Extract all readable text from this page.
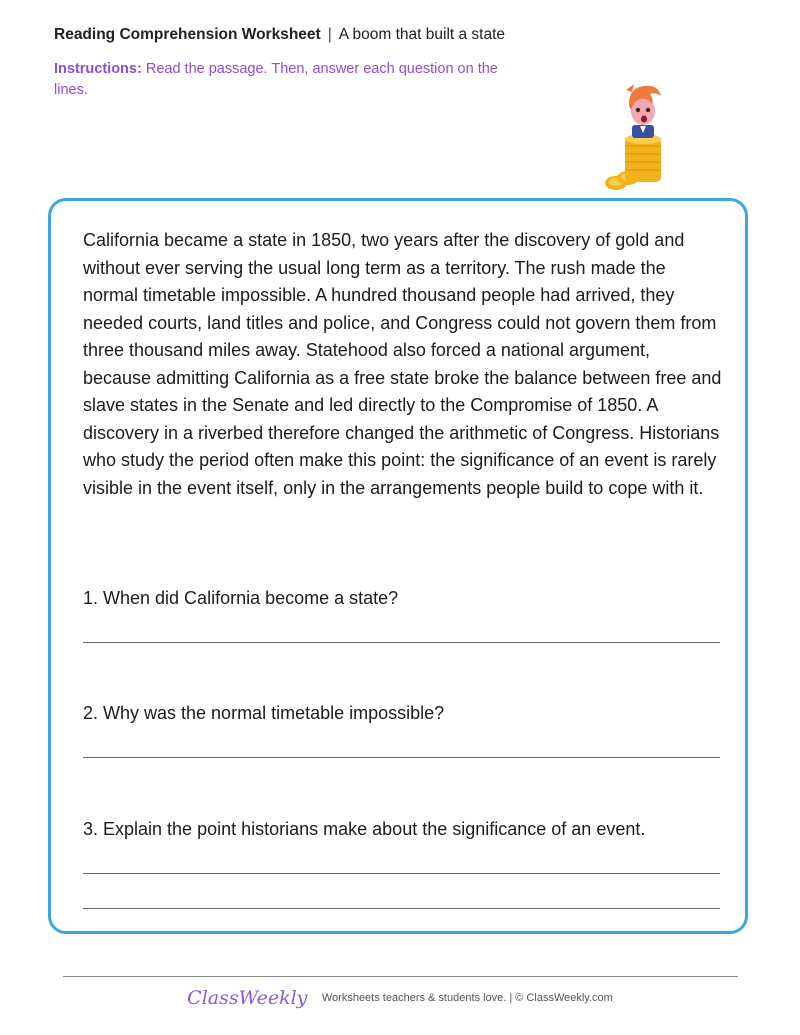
Reading Comprehension Worksheet | A boom that built a state
Instructions: Read the passage. Then, answer each question on the lines.

California became a state in 1850, two years after the discovery of gold and without ever serving the usual long term as a territory. The rush made the normal timetable impossible. A hundred thousand people had arrived, they needed courts, land titles and police, and Congress could not govern them from three thousand miles away. Statehood also forced a national argument, because admitting California as a free state broke the balance between free and slave states in the Senate and led directly to the Compromise of 1850. A discovery in a riverbed therefore changed the arithmetic of Congress. Historians who study the period often make this point: the significance of an event is rarely visible in the event itself, only in the arrangements people build to cope with it.

1. When did California become a state?
2. Why was the normal timetable impossible?
3. Explain the point historians make about the significance of an event.
ClassWeekly Worksheets teachers & students love. | © ClassWeekly.com
